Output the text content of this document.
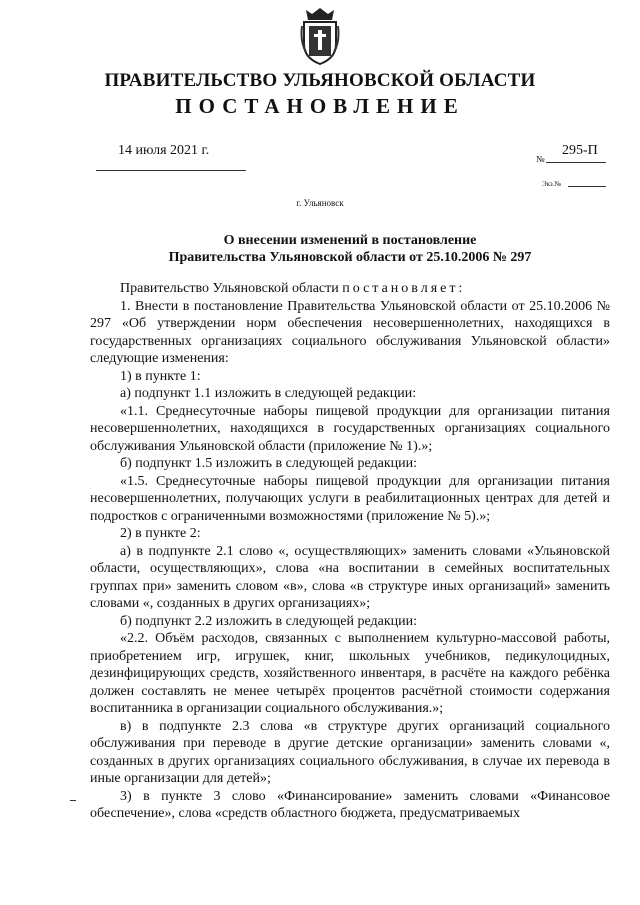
ПРАВИТЕЛЬСТВО УЛЬЯНОВСКОЙ ОБЛАСТИ
ПОСТАНОВЛЕНИЕ
14 июля 2021 г.
№
295-П
Экз.№
г. Ульяновск
О внесении изменений в постановление
Правительства Ульяновской области от 25.10.2006 № 297

Правительство Ульяновской области постановляет:

1. Внести в постановление Правительства Ульяновской области от 25.10.2006 № 297 «Об утверждении норм обеспечения несовершеннолетних, находящихся в государственных организациях социального обслуживания Ульяновской области» следующие изменения:

1) в пункте 1:

а) подпункт 1.1 изложить в следующей редакции:

«1.1. Среднесуточные наборы пищевой продукции для организации питания несовершеннолетних, находящихся в государственных организациях социального обслуживания Ульяновской области (приложение № 1).»;

б) подпункт 1.5 изложить в следующей редакции:

«1.5. Среднесуточные наборы пищевой продукции для организации питания несовершеннолетних, получающих услуги в реабилитационных центрах для детей и подростков с ограниченными возможностями (приложение № 5).»;

2) в пункте 2:

а) в подпункте 2.1 слово «, осуществляющих» заменить словами «Ульяновской области, осуществляющих», слова «на воспитании в семейных воспитательных группах при» заменить словом «в», слова «в структуре иных организаций» заменить словами «, созданных в других организациях»;

б) подпункт 2.2 изложить в следующей редакции:

«2.2. Объём расходов, связанных с выполнением культурно-массовой работы, приобретением игр, игрушек, книг, школьных учебников, педикулоцидных, дезинфицирующих средств, хозяйственного инвентаря, в расчёте на каждого ребёнка должен составлять не менее четырёх процентов расчётной стоимости содержания воспитанника в организации социального обслуживания.»;

в) в подпункте 2.3 слова «в структуре других организаций социального обслуживания при переводе в другие детские организации» заменить словами «, созданных в других организациях социального обслуживания, в случае их перевода в иные организации для детей»;

3) в пункте 3 слово «Финансирование» заменить словами «Финансовое обеспечение», слова «средств областного бюджета, предусматриваемых
